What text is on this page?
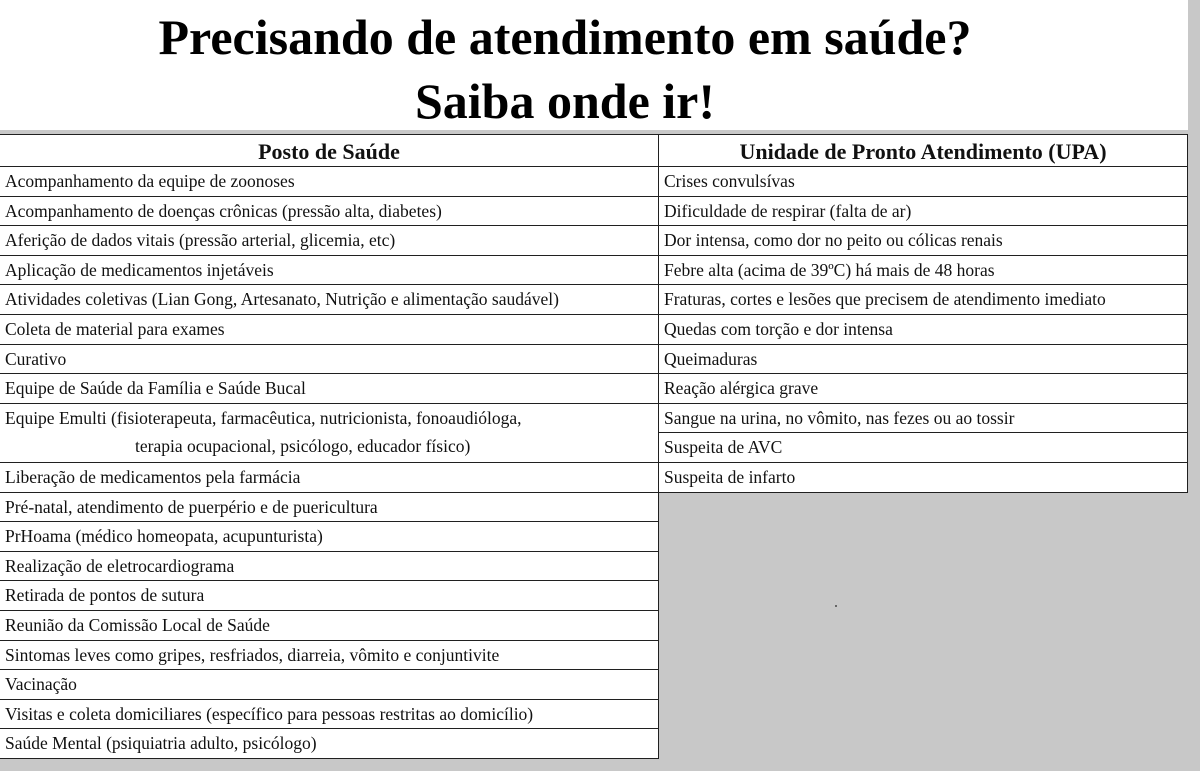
Precisando de atendimento em saúde?
Saiba onde ir!
Posto de Saúde
Acompanhamento da equipe de zoonoses
Acompanhamento de doenças crônicas (pressão alta, diabetes)
Aferição de dados vitais (pressão arterial, glicemia, etc)
Aplicação de medicamentos injetáveis
Atividades coletivas (Lian Gong, Artesanato, Nutrição e alimentação saudável)
Coleta de material para exames
Curativo
Equipe de Saúde da Família e Saúde Bucal
Equipe Emulti (fisioterapeuta, farmacêutica, nutricionista, fonoaudióloga,
terapia ocupacional, psicólogo, educador físico)
Liberação de medicamentos pela farmácia
Pré-natal, atendimento de puerpério e de puericultura
PrHoama (médico homeopata, acupunturista)
Realização de eletrocardiograma
Retirada de pontos de sutura
Reunião da Comissão Local de Saúde
Sintomas leves como gripes, resfriados, diarreia, vômito e conjuntivite
Vacinação
Visitas e coleta domiciliares (específico para pessoas restritas ao domicílio)
Saúde Mental (psiquiatria adulto, psicólogo)
Unidade de Pronto Atendimento (UPA)
Crises convulsívas
Dificuldade de respirar (falta de ar)
Dor intensa, como dor no peito ou cólicas renais
Febre alta (acima de 39ºC) há mais de 48 horas
Fraturas, cortes e lesões que precisem de atendimento imediato
Quedas com torção e dor intensa
Queimaduras
Reação alérgica grave
Sangue na urina, no vômito, nas fezes ou ao tossir
Suspeita de AVC
Suspeita de infarto
